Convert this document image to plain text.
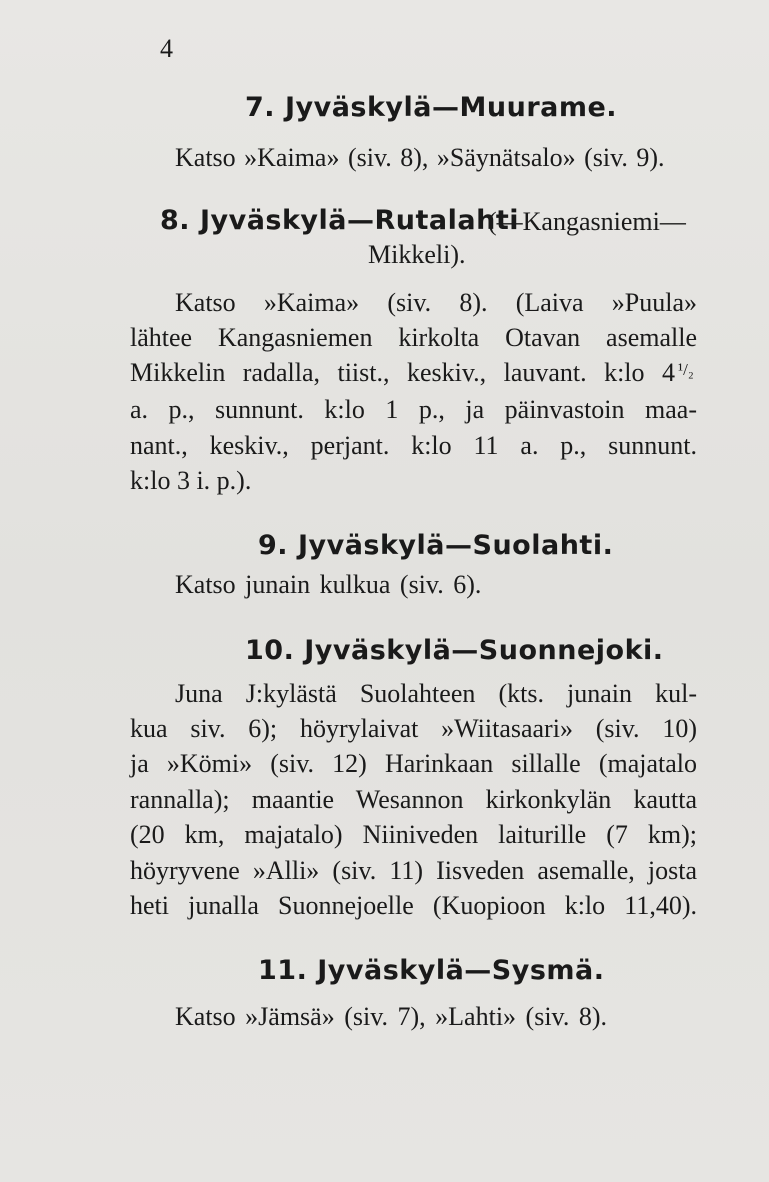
4
7. Jyväskylä—Muurame.
Katso »Kaima» (siv. 8), »Säynätsalo» (siv. 9).
8. Jyväskylä—Rutalahti
(—Kangasniemi—
Mikkeli).
Katso »Kaima» (siv. 8). (Laiva »Puula»
lähtee Kangasniemen kirkolta Otavan asemalle
Mikkelin radalla, tiist., keskiv., lauvant. k:lo 4 ¹/₂
a. p., sunnunt. k:lo 1 p., ja päinvastoin maa-
nant., keskiv., perjant. k:lo 11 a. p., sunnunt.
k:lo 3 i. p.).
9. Jyväskylä—Suolahti.
Katso junain kulkua (siv. 6).
10. Jyväskylä—Suonnejoki.
Juna J:kylästä Suolahteen (kts. junain kul-
kua siv. 6); höyrylaivat »Wiitasaari» (siv. 10)
ja »Kömi» (siv. 12) Harinkaan sillalle (majatalo
rannalla); maantie Wesannon kirkonkylän kautta
(20 km, majatalo) Niiniveden laiturille (7 km);
höyryvene »Alli» (siv. 11) Iisveden asemalle, josta
heti junalla Suonnejoelle (Kuopioon k:lo 11,40).
11. Jyväskylä—Sysmä.
Katso »Jämsä» (siv. 7), »Lahti» (siv. 8).
